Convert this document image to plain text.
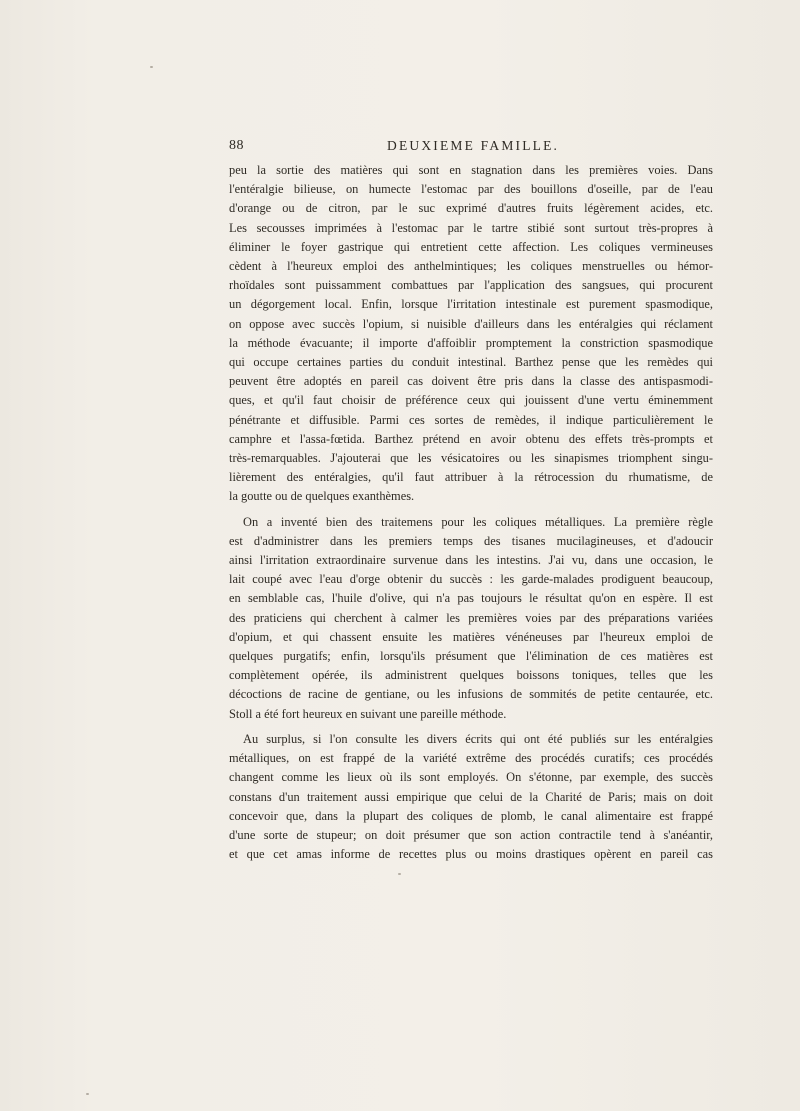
88	DEUXIEME FAMILLE.
peu la sortie des matières qui sont en stagnation dans les premières voies. Dans
l'entéralgie bilieuse, on humecte l'estomac par des bouillons d'oseille, par de l'eau
d'orange ou de citron, par le suc exprimé d'autres fruits légèrement acides, etc.
Les secousses imprimées à l'estomac par le tartre stibié sont surtout très-propres à
éliminer le foyer gastrique qui entretient cette affection. Les coliques vermineuses
cèdent à l'heureux emploi des anthelmintiques; les coliques menstruelles ou hémor-
rhoïdales sont puissamment combattues par l'application des sangsues, qui procurent
un dégorgement local. Enfin, lorsque l'irritation intestinale est purement spasmodique,
on oppose avec succès l'opium, si nuisible d'ailleurs dans les entéralgies qui réclament
la méthode évacuante; il importe d'affoiblir promptement la constriction spasmodique
qui occupe certaines parties du conduit intestinal. Barthez pense que les remèdes qui
peuvent être adoptés en pareil cas doivent être pris dans la classe des antispasmodi-
ques, et qu'il faut choisir de préférence ceux qui jouissent d'une vertu éminemment
pénétrante et diffusible. Parmi ces sortes de remèdes, il indique particulièrement le
camphre et l'assa-fœtida. Barthez prétend en avoir obtenu des effets très-prompts et
très-remarquables. J'ajouterai que les vésicatoires ou les sinapismes triomphent singu-
lièrement des entéralgies, qu'il faut attribuer à la rétrocession du rhumatisme, de
la goutte ou de quelques exanthèmes.
On a inventé bien des traitemens pour les coliques métalliques. La première règle
est d'administrer dans les premiers temps des tisanes mucilagineuses, et d'adoucir
ainsi l'irritation extraordinaire survenue dans les intestins. J'ai vu, dans une occasion, le
lait coupé avec l'eau d'orge obtenir du succès : les garde-malades prodiguent beaucoup,
en semblable cas, l'huile d'olive, qui n'a pas toujours le résultat qu'on en espère. Il est
des praticiens qui cherchent à calmer les premières voies par des préparations variées
d'opium, et qui chassent ensuite les matières vénéneuses par l'heureux emploi de
quelques purgatifs; enfin, lorsqu'ils présument que l'élimination de ces matières est
complètement opérée, ils administrent quelques boissons toniques, telles que les
décoctions de racine de gentiane, ou les infusions de sommités de petite centaurée, etc.
Stoll a été fort heureux en suivant une pareille méthode.
Au surplus, si l'on consulte les divers écrits qui ont été publiés sur les entéralgies
métalliques, on est frappé de la variété extrême des procédés curatifs; ces procédés
changent comme les lieux où ils sont employés. On s'étonne, par exemple, des succès
constans d'un traitement aussi empirique que celui de la Charité de Paris; mais on doit
concevoir que, dans la plupart des coliques de plomb, le canal alimentaire est frappé
d'une sorte de stupeur; on doit présumer que son action contractile tend à s'anéantir,
et que cet amas informe de recettes plus ou moins drastiques opèrent en pareil cas
